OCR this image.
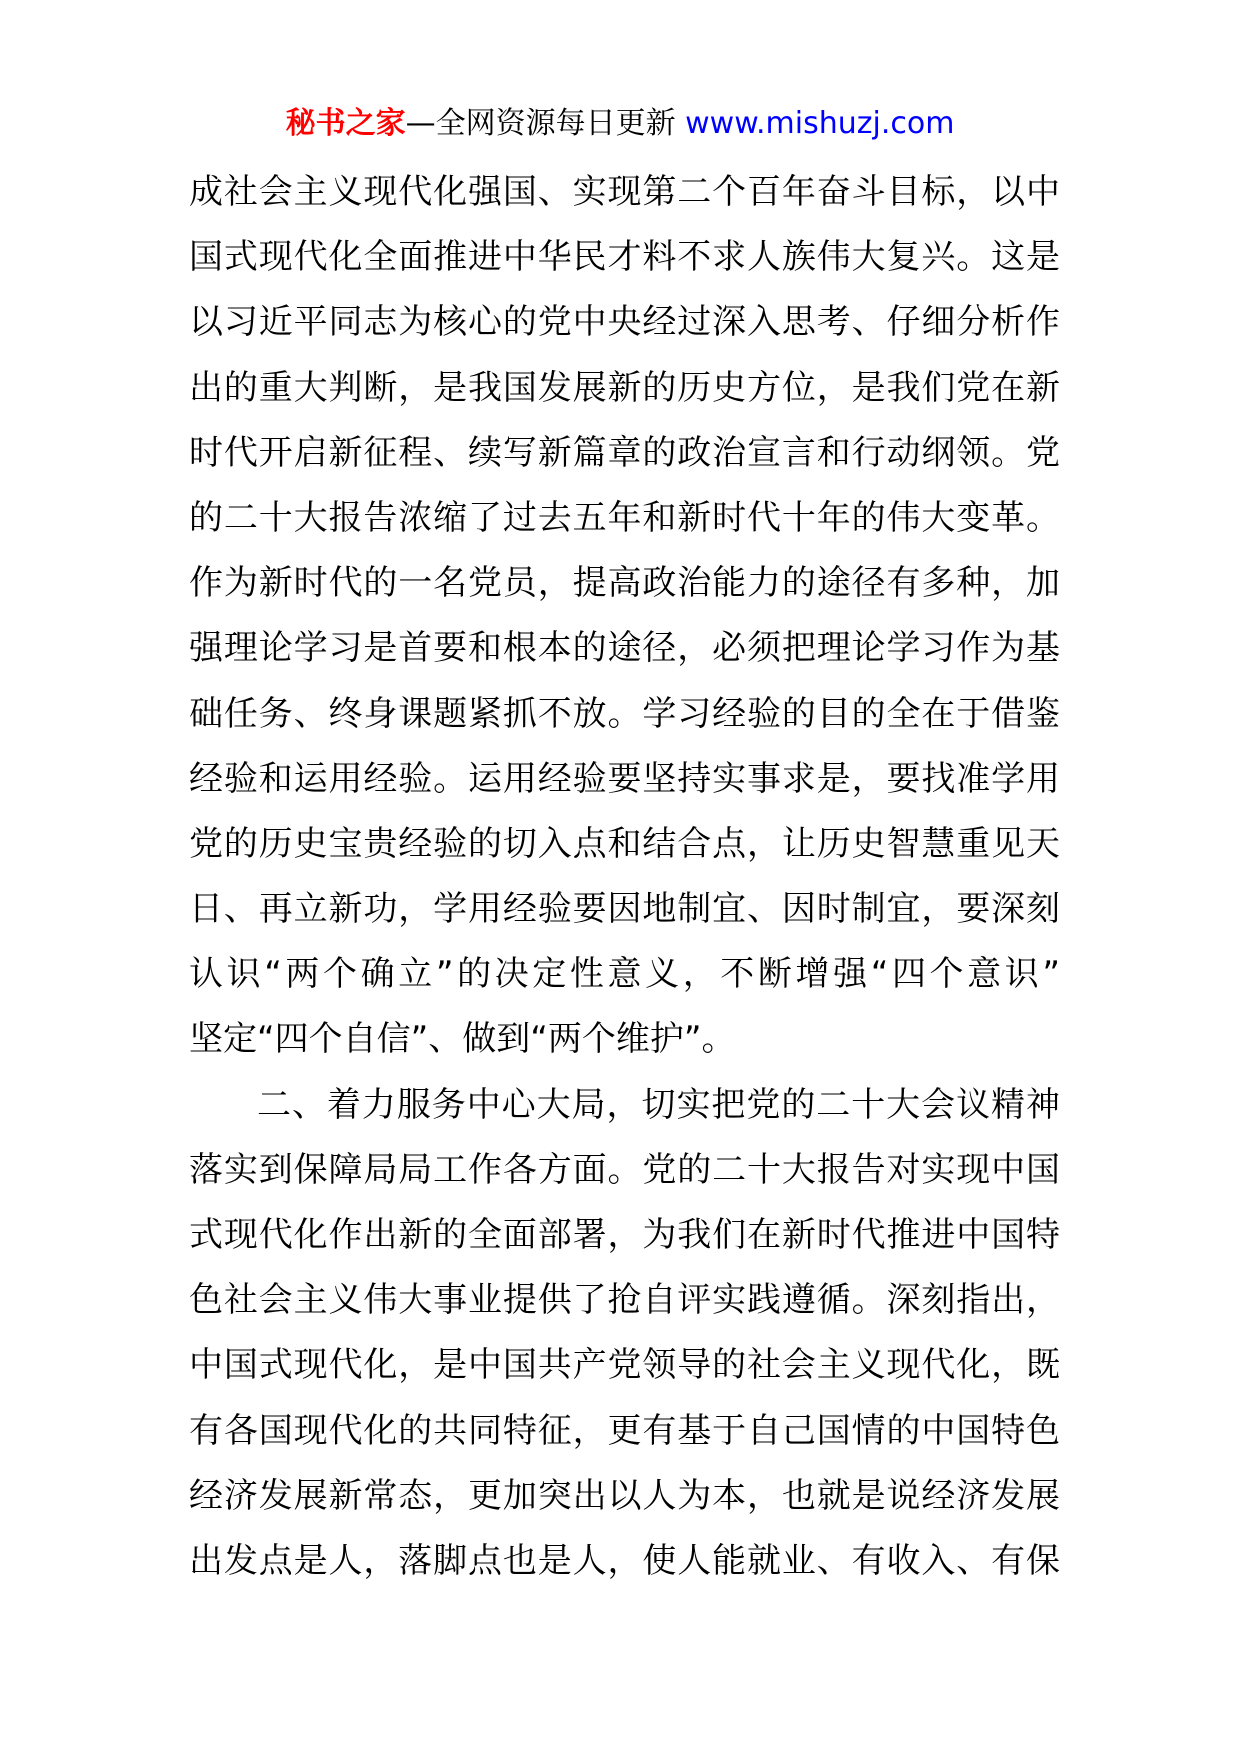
秘书之家—全网资源每日更新 www.mishuzj.com
成社会主义现代化强国、实现第二个百年奋斗目标，以中
国式现代化全面推进中华民才料不求人族伟大复兴。这是
以习近平同志为核心的党中央经过深入思考、仔细分析作
出的重大判断，是我国发展新的历史方位，是我们党在新
时代开启新征程、续写新篇章的政治宣言和行动纲领。党
的二十大报告浓缩了过去五年和新时代十年的伟大变革。
作为新时代的一名党员，提高政治能力的途径有多种，加
强理论学习是首要和根本的途径，必须把理论学习作为基
础任务、终身课题紧抓不放。学习经验的目的全在于借鉴
经验和运用经验。运用经验要坚持实事求是，要找准学用
党的历史宝贵经验的切入点和结合点，让历史智慧重见天
日、再立新功，学用经验要因地制宜、因时制宜，要深刻
认识“两个确立”的决定性意义，不断增强“四个意识”
坚定“四个自信”、做到“两个维护”。
二、着力服务中心大局，切实把党的二十大会议精神
落实到保障局局工作各方面。党的二十大报告对实现中国
式现代化作出新的全面部署，为我们在新时代推进中国特
色社会主义伟大事业提供了抢自评实践遵循。深刻指出，
中国式现代化，是中国共产党领导的社会主义现代化，既
有各国现代化的共同特征，更有基于自己国情的中国特色
经济发展新常态，更加突出以人为本，也就是说经济发展
出发点是人，落脚点也是人，使人能就业、有收入、有保
